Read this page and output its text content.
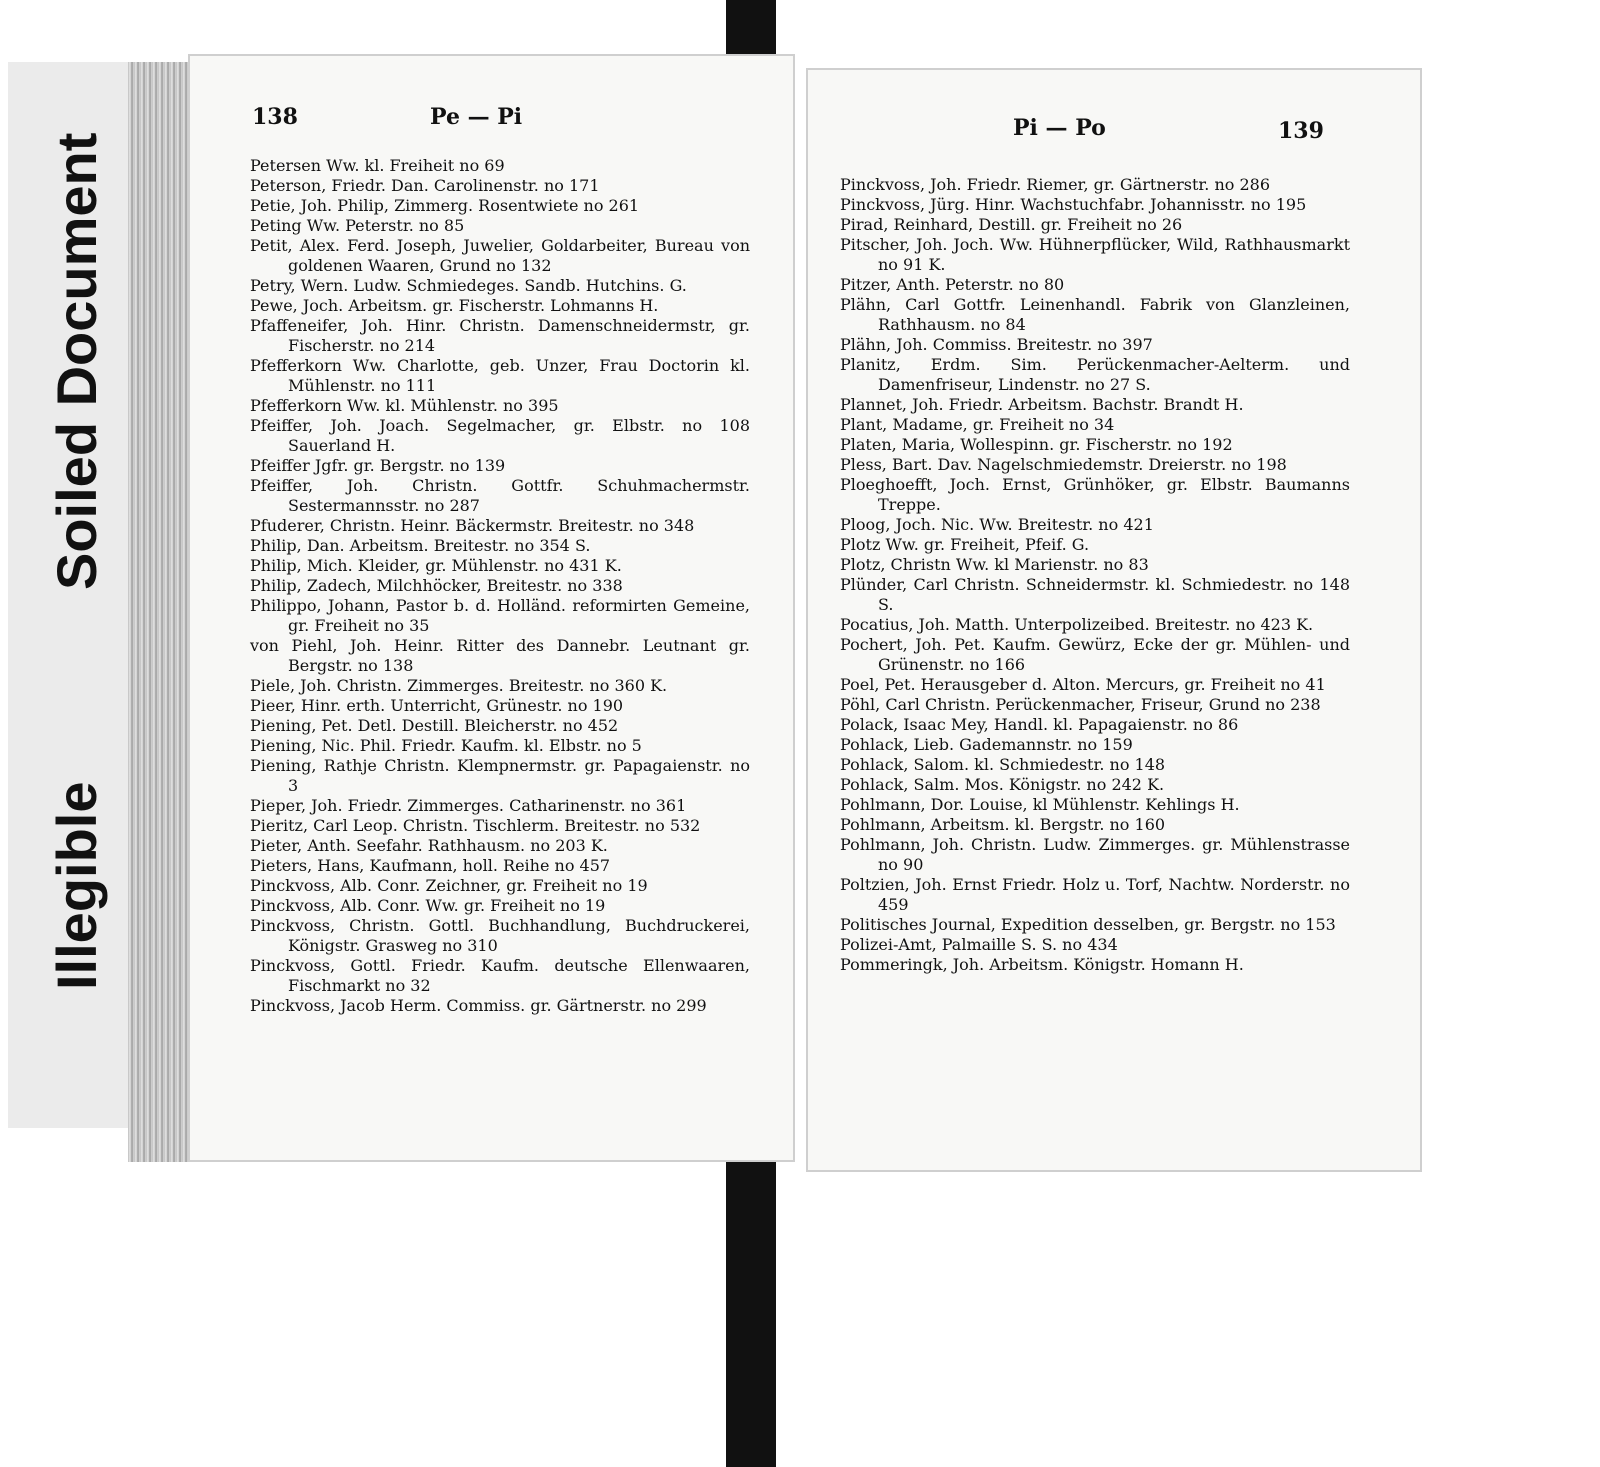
Soiled Document
Illegible
138	Pe — Pi
Petersen Ww. kl. Freiheit no 69
Peterson, Friedr. Dan. Carolinenstr. no 171
Petie, Joh. Philip, Zimmerg. Rosentwiete no 261
Peting Ww. Peterstr. no 85
Petit, Alex. Ferd. Joseph, Juwelier, Goldarbeiter, Bureau von goldenen Waaren, Grund no 132
Petry, Wern. Ludw. Schmiedeges. Sandb. Hutchins. G.
Pewe, Joch. Arbeitsm. gr. Fischerstr. Lohmanns H.
Pfaffeneifer, Joh. Hinr. Christn. Damenschneidermstr, gr. Fischerstr. no 214
Pfefferkorn Ww. Charlotte, geb. Unzer, Frau Doctorin kl. Mühlenstr. no 111
Pfefferkorn Ww. kl. Mühlenstr. no 395
Pfeiffer, Joh. Joach. Segelmacher, gr. Elbstr. no 108 Sauerland H.
Pfeiffer Jgfr. gr. Bergstr. no 139
Pfeiffer, Joh. Christn. Gottfr. Schuhmachermstr. Sestermannsstr. no 287
Pfuderer, Christn. Heinr. Bäckermstr. Breitestr. no 348
Philip, Dan. Arbeitsm. Breitestr. no 354 S.
Philip, Mich. Kleider, gr. Mühlenstr. no 431 K.
Philip, Zadech, Milchhöcker, Breitestr. no 338
Philippo, Johann, Pastor b. d. Holländ. reformirten Gemeine, gr. Freiheit no 35
von Piehl, Joh. Heinr. Ritter des Dannebr. Leutnant gr. Bergstr. no 138
Piele, Joh. Christn. Zimmerges. Breitestr. no 360 K.
Pieer, Hinr. erth. Unterricht, Grünestr. no 190
Piening, Pet. Detl. Destill. Bleicherstr. no 452
Piening, Nic. Phil. Friedr. Kaufm. kl. Elbstr. no 5
Piening, Rathje Christn. Klempnermstr. gr. Papagaienstr. no 3
Pieper, Joh. Friedr. Zimmerges. Catharinenstr. no 361
Pieritz, Carl Leop. Christn. Tischlerm. Breitestr. no 532
Pieter, Anth. Seefahr. Rathhausm. no 203 K.
Pieters, Hans, Kaufmann, holl. Reihe no 457
Pinckvoss, Alb. Conr. Zeichner, gr. Freiheit no 19
Pinckvoss, Alb. Conr. Ww. gr. Freiheit no 19
Pinckvoss, Christn. Gottl. Buchhandlung, Buchdruckerei, Königstr. Grasweg no 310
Pinckvoss, Gottl. Friedr. Kaufm. deutsche Ellenwaaren, Fischmarkt no 32
Pinckvoss, Jacob Herm. Commiss. gr. Gärtnerstr. no 299
Pi — Po	139
Pinckvoss, Joh. Friedr. Riemer, gr. Gärtnerstr. no 286
Pinckvoss, Jürg. Hinr. Wachstuchfabr. Johannisstr. no 195
Pirad, Reinhard, Destill. gr. Freiheit no 26
Pitscher, Joh. Joch. Ww. Hühnerpflücker, Wild, Rathhausmarkt no 91 K.
Pitzer, Anth. Peterstr. no 80
Plähn, Carl Gottfr. Leinenhandl. Fabrik von Glanzleinen, Rathhausm. no 84
Plähn, Joh. Commiss. Breitestr. no 397
Planitz, Erdm. Sim. Perückenmacher-Aelterm. und Damenfriseur, Lindenstr. no 27 S.
Plannet, Joh. Friedr. Arbeitsm. Bachstr. Brandt H.
Plant, Madame, gr. Freiheit no 34
Platen, Maria, Wollespinn. gr. Fischerstr. no 192
Pless, Bart. Dav. Nagelschmiedemstr. Dreierstr. no 198
Ploeghoefft, Joch. Ernst, Grünhöker, gr. Elbstr. Baumanns Treppe.
Ploog, Joch. Nic. Ww. Breitestr. no 421
Plotz Ww. gr. Freiheit, Pfeif. G.
Plotz, Christn Ww. kl Marienstr. no 83
Plünder, Carl Christn. Schneidermstr. kl. Schmiedestr. no 148 S.
Pocatius, Joh. Matth. Unterpolizeibed. Breitestr. no 423 K.
Pochert, Joh. Pet. Kaufm. Gewürz, Ecke der gr. Mühlen- und Grünenstr. no 166
Poel, Pet. Herausgeber d. Alton. Mercurs, gr. Freiheit no 41
Pöhl, Carl Christn. Perückenmacher, Friseur, Grund no 238
Polack, Isaac Mey, Handl. kl. Papagaienstr. no 86
Pohlack, Lieb. Gademannstr. no 159
Pohlack, Salom. kl. Schmiedestr. no 148
Pohlack, Salm. Mos. Königstr. no 242 K.
Pohlmann, Dor. Louise, kl Mühlenstr. Kehlings H.
Pohlmann, Arbeitsm. kl. Bergstr. no 160
Pohlmann, Joh. Christn. Ludw. Zimmerges. gr. Mühlenstrasse no 90
Poltzien, Joh. Ernst Friedr. Holz u. Torf, Nachtw. Norderstr. no 459
Politisches Journal, Expedition desselben, gr. Bergstr. no 153
Polizei-Amt, Palmaille S. S. no 434
Pommeringk, Joh. Arbeitsm. Königstr. Homann H.
